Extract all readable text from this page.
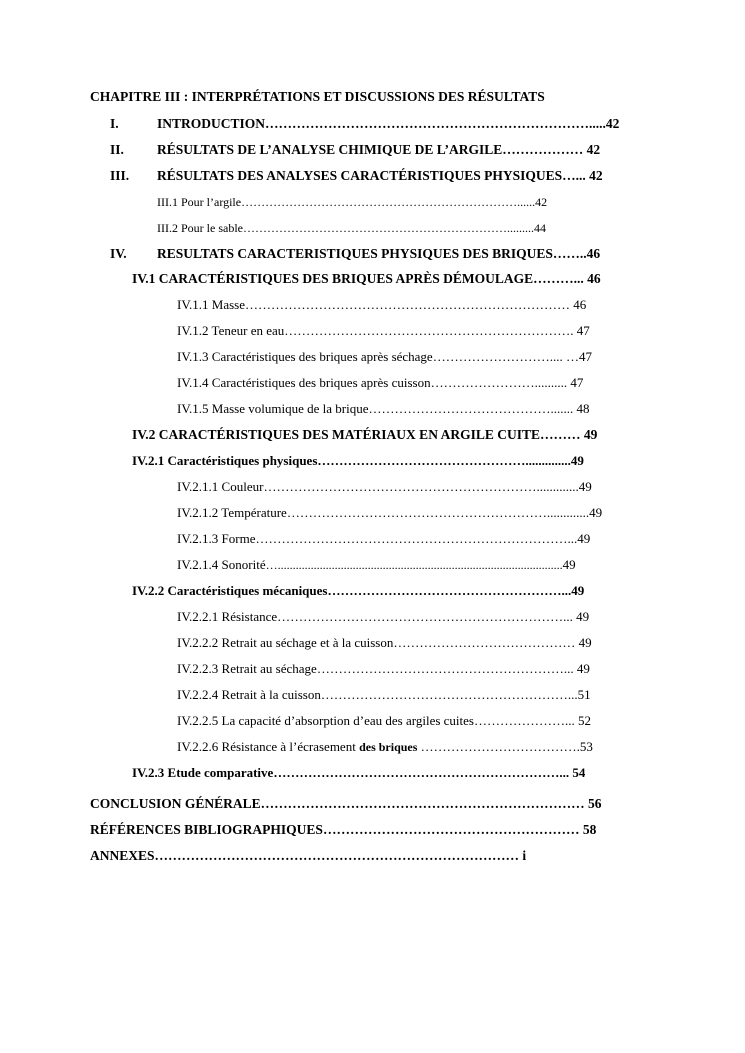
CHAPITRE III : INTERPRÉTATIONS ET DISCUSSIONS DES RÉSULTATS
I.	INTRODUCTION……………………………………………………………….....42
II. RÉSULTATS DE L’ANALYSE CHIMIQUE DE L’ARGILE……………… 42
III. RÉSULTATS DES ANALYSES CARACTÉRISTIQUES PHYSIQUES…... 42
III.1 Pour l’argile……………………………………………………………......42
III.2 Pour le sable………………………………………………………….........44
IV. RESULTATS CARACTERISTIQUES PHYSIQUES DES BRIQUES……..46
IV.1 CARACTÉRISTIQUES DES BRIQUES APRÈS DÉMOULAGE………... 46
IV.1.1 Masse………………………………………………………………… 46
IV.1.2 Teneur en eau…………………………………………………………. 47
IV.1.3 Caractéristiques des briques après séchage……………………….... …47
IV.1.4 Caractéristiques des briques après cuisson…………………….......... 47
IV.1.5 Masse volumique de la brique……………………………………....... 48
IV.2 CARACTÉRISTIQUES DES MATÉRIAUX EN ARGILE CUITE……… 49
IV.2.1 Caractéristiques physiques…………………………………………..............49
IV.2.1.1 Couleur……………………………………………………….............49
IV.2.1.2 Température…………………………………………………….............49
IV.2.1.3 Forme………………………………………………………………...49
IV.2.1.4 Sonorité…...............................................................................................49
IV.2.2 Caractéristiques mécaniques………………………………………………...49
IV.2.2.1 Résistance…………………………………………………………... 49
IV.2.2.2 Retrait au séchage et à la cuisson…………………………………… 49
IV.2.2.3 Retrait au séchage…………………………………………………... 49
IV.2.2.4 Retrait à la cuisson…………………………………………………...51
IV.2.2.5 La capacité d’absorption d’eau des argiles cuites…………………... 52
IV.2.2.6 Résistance à l’écrasement des briques ……………………………….53
IV.2.3 Etude comparative…………………………………………………………... 54
CONCLUSION GÉNÉRALE……………………………………………………………… 56
RÉFÉRENCES BIBLIOGRAPHIQUES………………………………………………… 58
ANNEXES……………………………………………………………………… i
